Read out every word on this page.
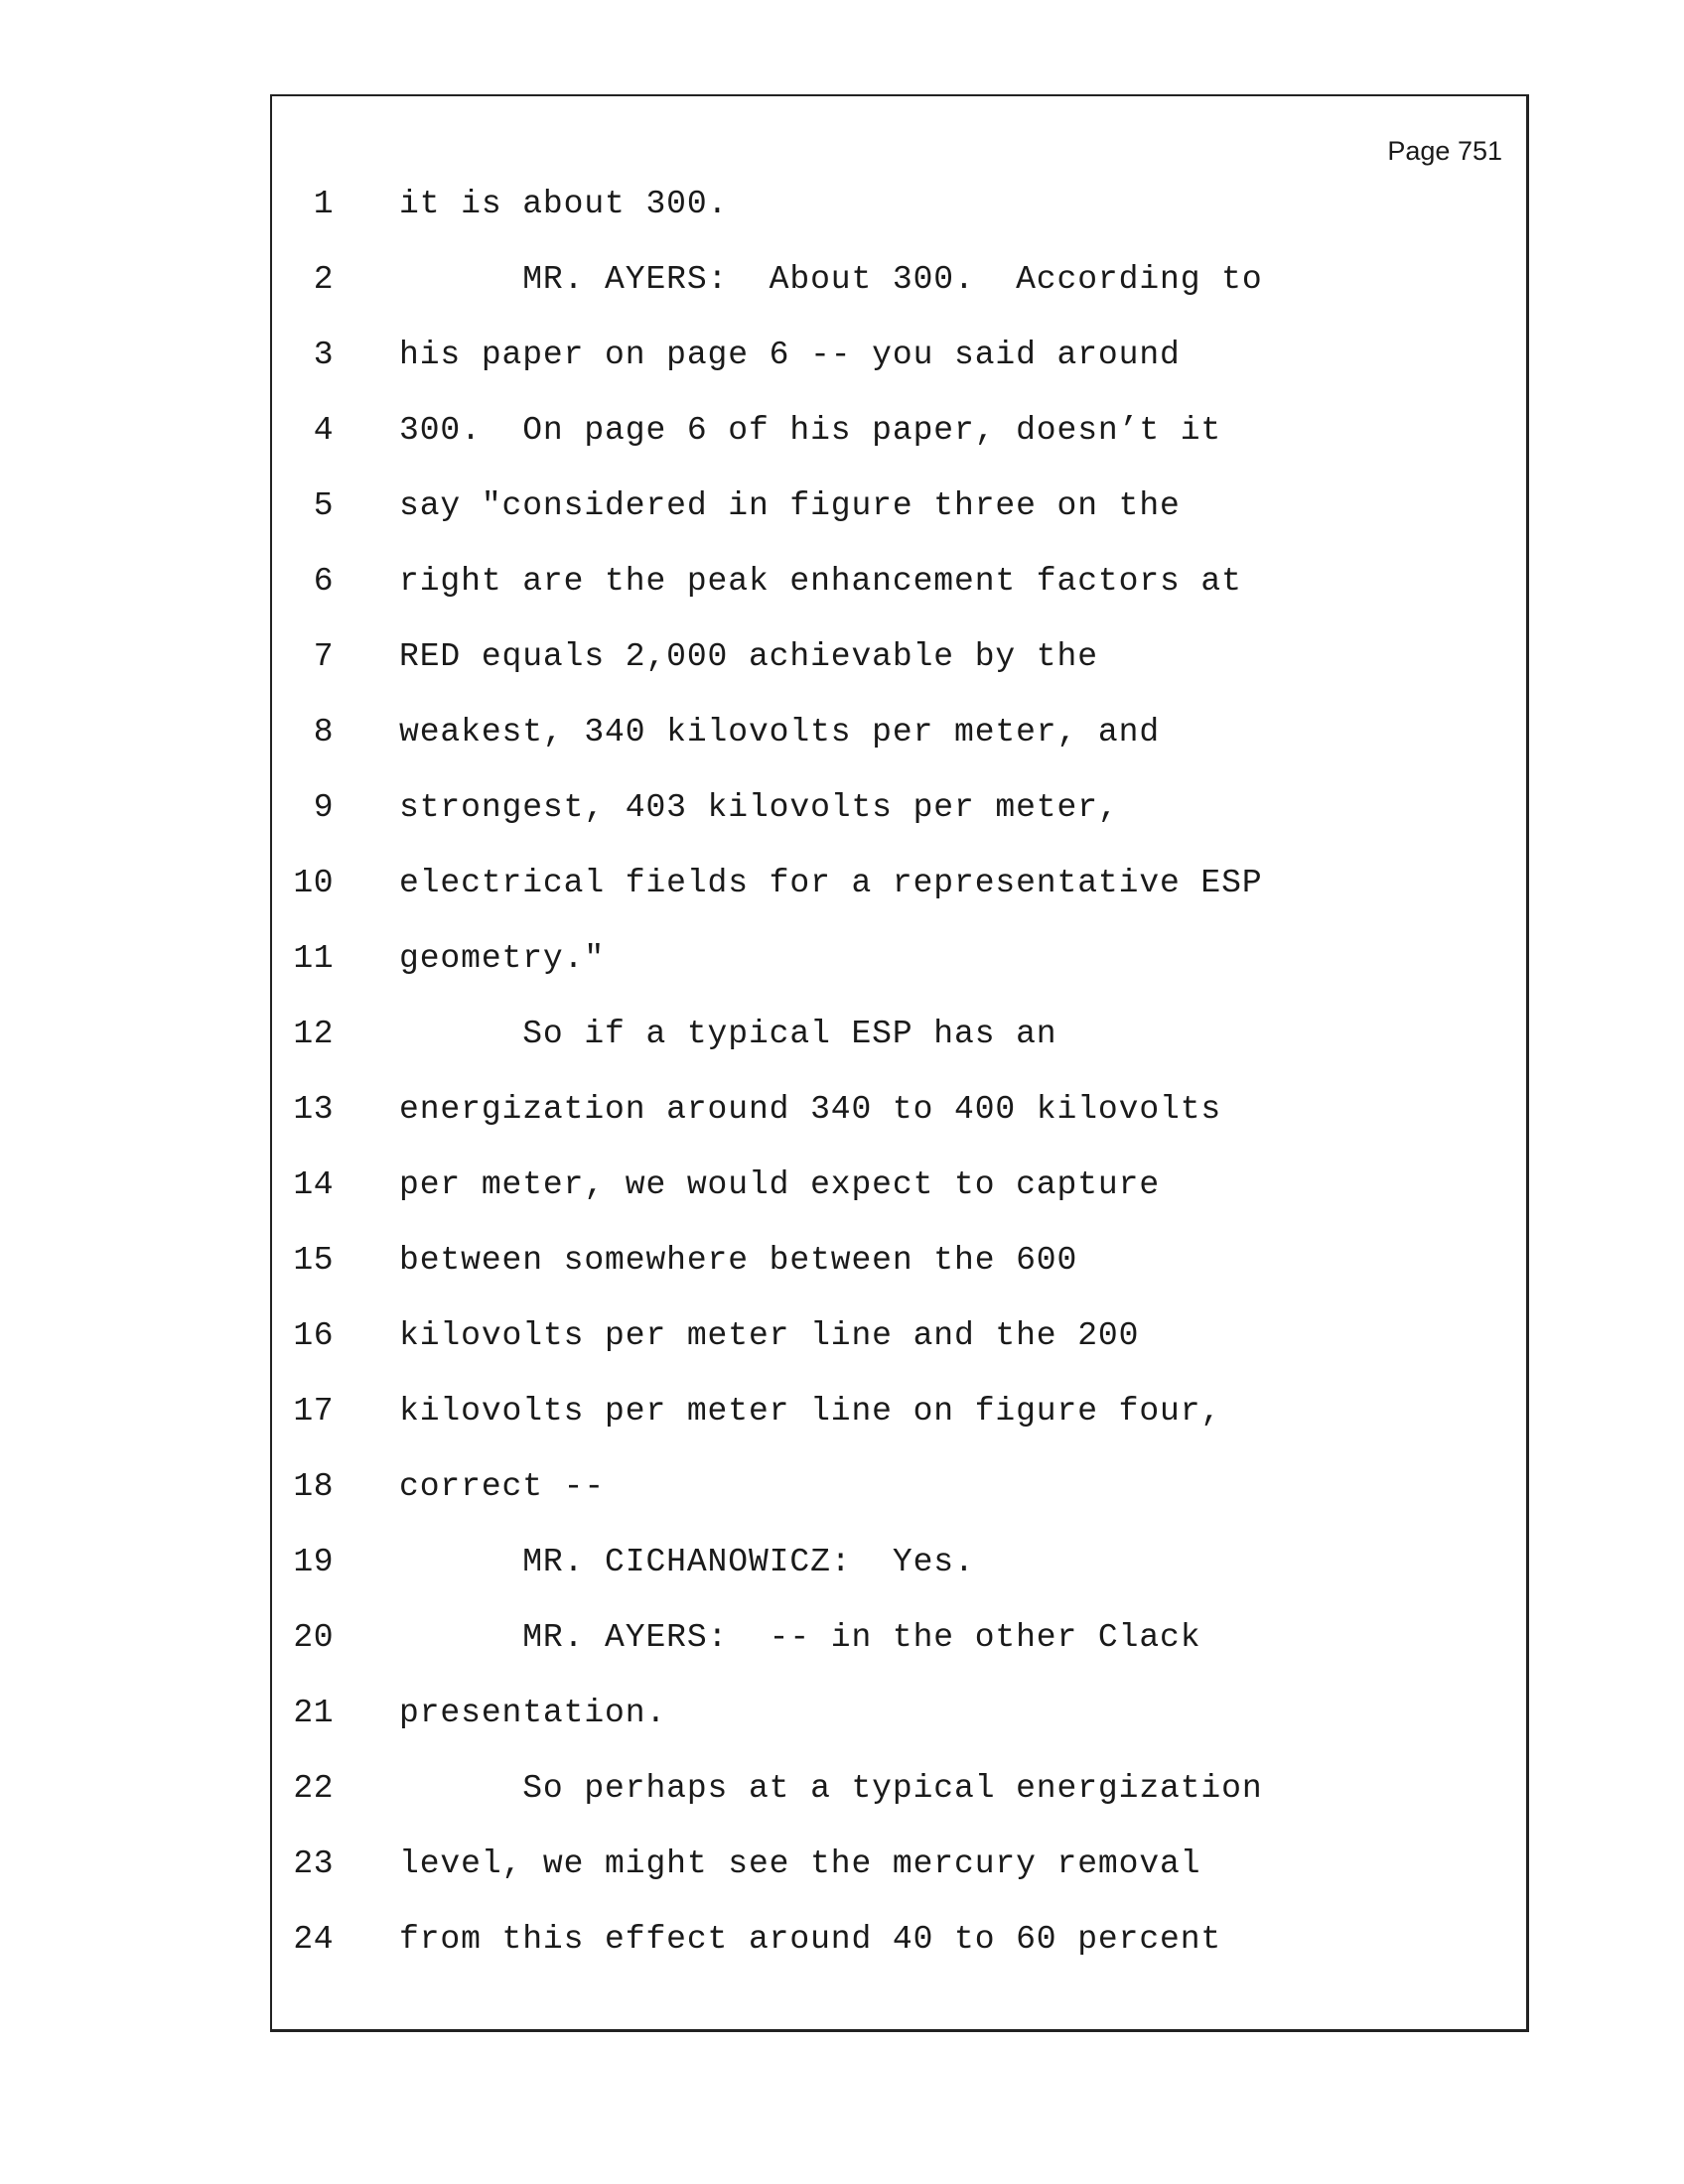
Page 751
1 it is about 300.
2 MR. AYERS:  About 300.  According to
3 his paper on page 6 -- you said around
4 300.  On page 6 of his paper, doesn’t it
5 say "considered in figure three on the
6 right are the peak enhancement factors at
7 RED equals 2,000 achievable by the
8 weakest, 340 kilovolts per meter, and
9 strongest, 403 kilovolts per meter,
10 electrical fields for a representative ESP
11 geometry."
12 So if a typical ESP has an
13 energization around 340 to 400 kilovolts
14 per meter, we would expect to capture
15 between somewhere between the 600
16 kilovolts per meter line and the 200
17 kilovolts per meter line on figure four,
18 correct --
19 MR. CICHANOWICZ:  Yes.
20 MR. AYERS:  -- in the other Clack
21 presentation.
22 So perhaps at a typical energization
23 level, we might see the mercury removal
24 from this effect around 40 to 60 percent
